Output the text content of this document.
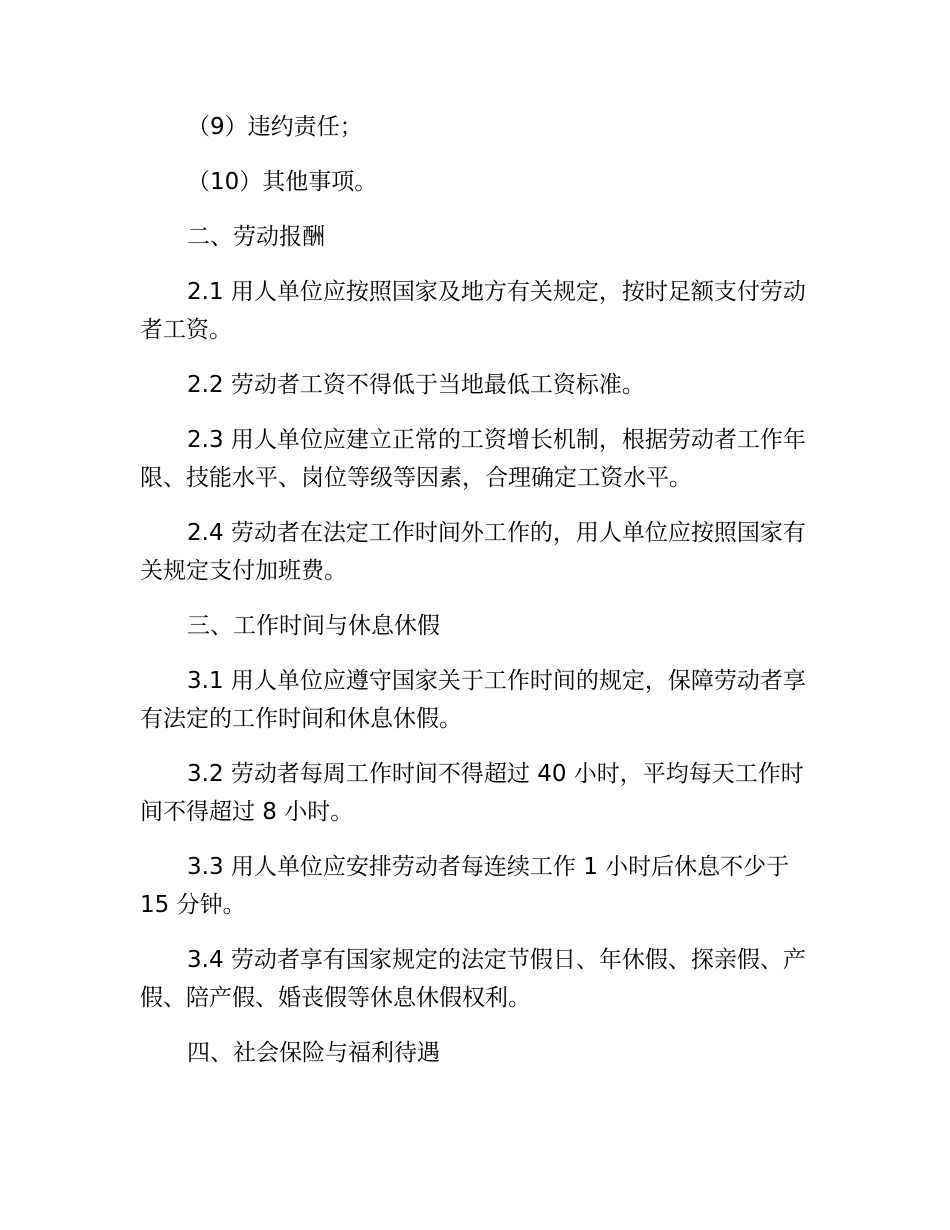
（9）违约责任；

（10）其他事项。

二、劳动报酬

2.1 用人单位应按照国家及地方有关规定，按时足额支付劳动者工资。

2.2 劳动者工资不得低于当地最低工资标准。

2.3 用人单位应建立正常的工资增长机制，根据劳动者工作年限、技能水平、岗位等级等因素，合理确定工资水平。

2.4 劳动者在法定工作时间外工作的，用人单位应按照国家有关规定支付加班费。

三、工作时间与休息休假

3.1 用人单位应遵守国家关于工作时间的规定，保障劳动者享有法定的工作时间和休息休假。

3.2 劳动者每周工作时间不得超过 40 小时，平均每天工作时间不得超过 8 小时。

3.3 用人单位应安排劳动者每连续工作 1 小时后休息不少于 15 分钟。

3.4 劳动者享有国家规定的法定节假日、年休假、探亲假、产假、陪产假、婚丧假等休息休假权利。

四、社会保险与福利待遇
